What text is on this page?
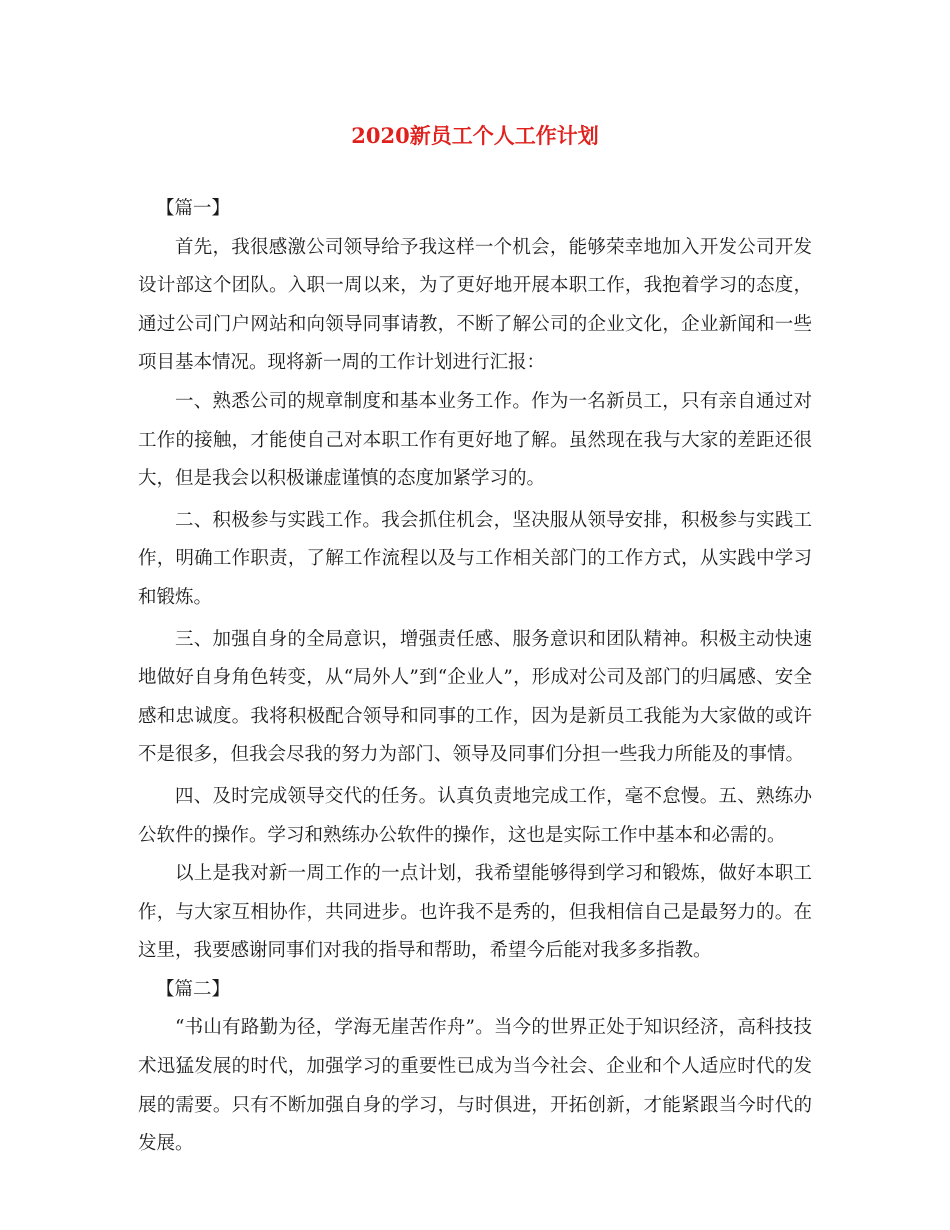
2020新员工个人工作计划

【篇一】

首先，我很感激公司领导给予我这样一个机会，能够荣幸地加入开发公司开发设计部这个团队。入职一周以来，为了更好地开展本职工作，我抱着学习的态度，通过公司门户网站和向领导同事请教，不断了解公司的企业文化，企业新闻和一些项目基本情况。现将新一周的工作计划进行汇报：

一、熟悉公司的规章制度和基本业务工作。作为一名新员工，只有亲自通过对工作的接触，才能使自己对本职工作有更好地了解。虽然现在我与大家的差距还很大，但是我会以积极谦虚谨慎的态度加紧学习的。

二、积极参与实践工作。我会抓住机会，坚决服从领导安排，积极参与实践工作，明确工作职责，了解工作流程以及与工作相关部门的工作方式，从实践中学习和锻炼。

三、加强自身的全局意识，增强责任感、服务意识和团队精神。积极主动快速地做好自身角色转变，从“局外人”到“企业人”，形成对公司及部门的归属感、安全感和忠诚度。我将积极配合领导和同事的工作，因为是新员工我能为大家做的或许不是很多，但我会尽我的努力为部门、领导及同事们分担一些我力所能及的事情。

四、及时完成领导交代的任务。认真负责地完成工作，毫不怠慢。五、熟练办公软件的操作。学习和熟练办公软件的操作，这也是实际工作中基本和必需的。

以上是我对新一周工作的一点计划，我希望能够得到学习和锻炼，做好本职工作，与大家互相协作，共同进步。也许我不是秀的，但我相信自己是最努力的。在这里，我要感谢同事们对我的指导和帮助，希望今后能对我多多指教。

【篇二】

“书山有路勤为径，学海无崖苦作舟”。当今的世界正处于知识经济，高科技技术迅猛发展的时代，加强学习的重要性已成为当今社会、企业和个人适应时代的发展的需要。只有不断加强自身的学习，与时俱进，开拓创新，才能紧跟当今时代的发展。
